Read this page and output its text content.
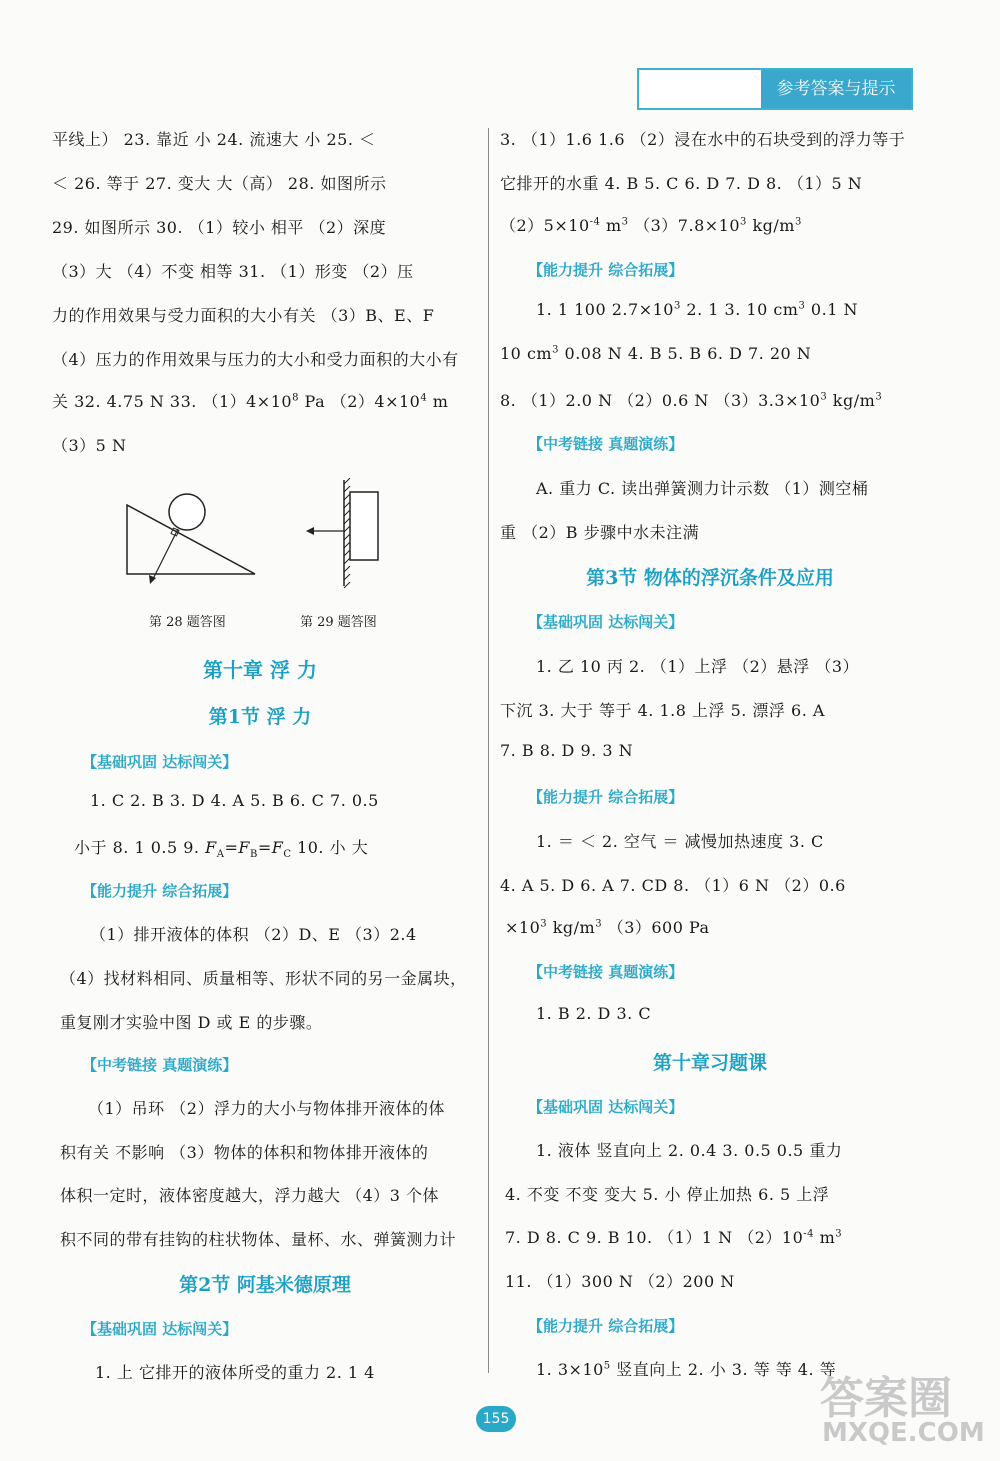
参考答案与提示
平线上） 23. 靠近 小 24. 流速大 小 25. ＜
＜ 26. 等于 27. 变大 大（高） 28. 如图所示
29. 如图所示 30. （1）较小 相平 （2）深度
（3）大 （4）不变 相等 31. （1）形变 （2）压
力的作用效果与受力面积的大小有关 （3）B、E、F
（4）压力的作用效果与压力的大小和受力面积的大小有
关 32. 4.75 N 33. $(1)4\times 10^8$ Pa $(2)4\times 10^4$ m
（3）5 N
第 28 题答图	第 29 题答图
第十章 浮 力
第1节 浮 力
【基础巩固 达标闯关】
1. C 2. B 3. D 4. A 5. B 6. C 7. 0.5
小于 8. 1 0.5 9. $F_A=F_B=F_C$ 10. 小 大
【能力提升 综合拓展】
（1）排开液体的体积 （2）D、E （3）2.4
（4）找材料相同、质量相等、形状不同的另一金属块，
重复刚才实验中图 D 或 E 的步骤。
【中考链接 真题演练】
（1）吊环 （2）浮力的大小与物体排开液体的体
积有关 不影响 （3）物体的体积和物体排开液体的
体积一定时，液体密度越大，浮力越大 （4）3 个体
积不同的带有挂钩的柱状物体、量杯、水、弹簧测力计
第2节 阿基米德原理
【基础巩固 达标闯关】
1. 上 它排开的液体所受的重力 2. 1 4
3. （1）1.6 1.6 （2）浸在水中的石块受到的浮力等于
它排开的水重 4. B 5. C 6. D 7. D 8. （1）5 N
$(2)5\times 10^{-4}$ $m^3$ $(3)7.8\times 10^3$ $kg/m^3$
【能力提升 综合拓展】
1. 1 100 $2.7\times 10^3$ 2. 1 3. 10 $cm^3$ 0.1 N
10 $cm^3$ 0.08 N 4. B 5. B 6. D 7. 20 N
8. （1）2.0 N （2）0.6 N $(3)3.3\times 10^3$ $kg/m^3$
【中考链接 真题演练】
A. 重力 C. 读出弹簧测力计示数 （1）测空桶
重 （2）B 步骤中水未注满
第3节 物体的浮沉条件及应用
【基础巩固 达标闯关】
1. 乙 10 丙 2. （1）上浮 （2）悬浮 （3）
下沉 3. 大于 等于 4. 1.8 上浮 5. 漂浮 6. A
7. B 8. D 9. 3 N
【能力提升 综合拓展】
1. ＝ ＜ 2. 空气 ＝ 减慢加热速度 3. C
4. A 5. D 6. A 7. CD 8. （1）6 N （2）0.6
$\times 10^3$ $kg/m^3$ （3）600 Pa
【中考链接 真题演练】
1. B 2. D 3. C
第十章习题课
【基础巩固 达标闯关】
1. 液体 竖直向上 2. 0.4 3. 0.5 0.5 重力
4. 不变 不变 变大 5. 小 停止加热 6. 5 上浮
7. D 8. C 9. B 10. （1）1 N $(2)10^{-4}$ $m^3$
11. （1）300 N （2）200 N
【能力提升 综合拓展】
1. $3\times 10^5$ 竖直向上 2. 小 3. 等 等 4. 等
155	答案圈
MXQE.COM
